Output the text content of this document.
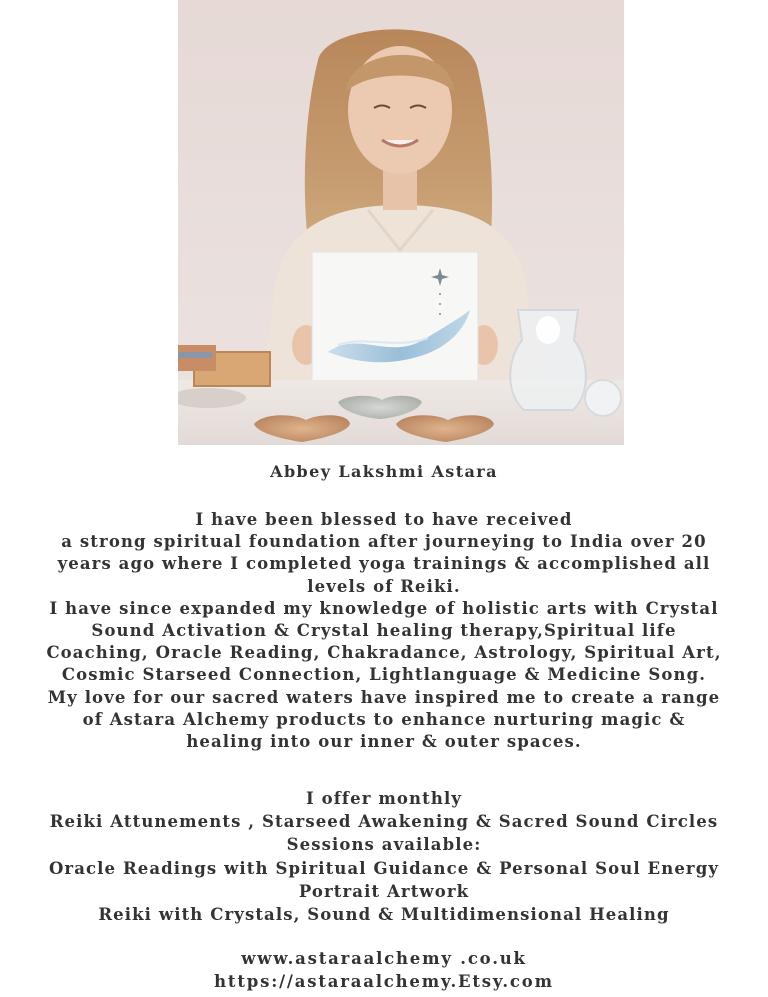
Abbey Lakshmi Astara
I have been blessed to have received
a strong spiritual foundation after journeying to India over 20
years ago where I completed yoga trainings & accomplished all
levels of Reiki.
I have since expanded my knowledge of holistic arts with Crystal
Sound Activation & Crystal healing therapy,Spiritual life
Coaching, Oracle Reading, Chakradance, Astrology, Spiritual Art,
Cosmic Starseed Connection, Lightlanguage & Medicine Song.
My love for our sacred waters have inspired me to create a range
of Astara Alchemy products to enhance nurturing magic &
healing into our inner & outer spaces.
I offer monthly
Reiki Attunements , Starseed Awakening & Sacred Sound Circles
Sessions available:
Oracle Readings with Spiritual Guidance & Personal Soul Energy
Portrait Artwork
Reiki with Crystals, Sound & Multidimensional Healing
www.astaraalchemy .co.uk
https://astaraalchemy.Etsy.com
